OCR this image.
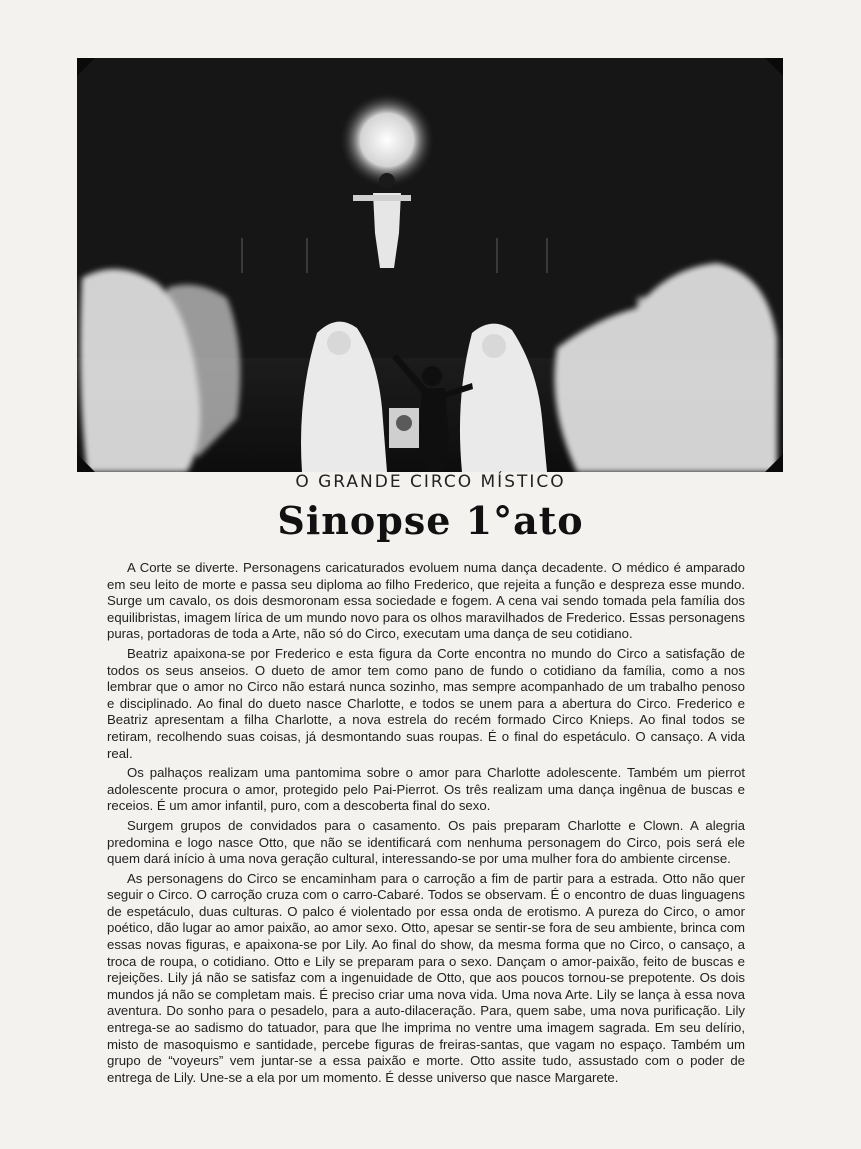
O GRANDE CIRCO MÍSTICO
Sinopse 1°ato

A Corte se diverte. Personagens caricaturados evoluem numa dança decadente. O médico é amparado em seu leito de morte e passa seu diploma ao filho Frederico, que rejeita a função e despreza esse mundo. Surge um cavalo, os dois desmoronam essa sociedade e fogem. A cena vai sendo tomada pela família dos equilibristas, imagem lírica de um mundo novo para os olhos maravilhados de Frederico. Essas personagens puras, portadoras de toda a Arte, não só do Circo, executam uma dança de seu cotidiano.

Beatriz apaixona-se por Frederico e esta figura da Corte encontra no mundo do Circo a satisfação de todos os seus anseios. O dueto de amor tem como pano de fundo o cotidiano da família, como a nos lembrar que o amor no Circo não estará nunca sozinho, mas sempre acompanhado de um trabalho penoso e disciplinado. Ao final do dueto nasce Charlotte, e todos se unem para a abertura do Circo. Frederico e Beatriz apresentam a filha Charlotte, a nova estrela do recém formado Circo Knieps. Ao final todos se retiram, recolhendo suas coisas, já desmontando suas roupas. É o final do espetáculo. O cansaço. A vida real.

Os palhaços realizam uma pantomima sobre o amor para Charlotte adolescente. Também um pierrot adolescente procura o amor, protegido pelo Pai-Pierrot. Os três realizam uma dança ingênua de buscas e receios. É um amor infantil, puro, com a descoberta final do sexo.

Surgem grupos de convidados para o casamento. Os pais preparam Charlotte e Clown. A alegria predomina e logo nasce Otto, que não se identificará com nenhuma personagem do Circo, pois será ele quem dará início à uma nova geração cultural, interessando-se por uma mulher fora do ambiente circense.

As personagens do Circo se encaminham para o carroção a fim de partir para a estrada. Otto não quer seguir o Circo. O carroção cruza com o carro-Cabaré. Todos se observam. É o encontro de duas linguagens de espetáculo, duas culturas. O palco é violentado por essa onda de erotismo. A pureza do Circo, o amor poético, dão lugar ao amor paixão, ao amor sexo. Otto, apesar se sentir-se fora de seu ambiente, brinca com essas novas figuras, e apaixona-se por Lily. Ao final do show, da mesma forma que no Circo, o cansaço, a troca de roupa, o cotidiano. Otto e Lily se preparam para o sexo. Dançam o amor-paixão, feito de buscas e rejeições. Lily já não se satisfaz com a ingenuidade de Otto, que aos poucos tornou-se prepotente. Os dois mundos já não se completam mais. É preciso criar uma nova vida. Uma nova Arte. Lily se lança à essa nova aventura. Do sonho para o pesadelo, para a auto-dilaceração. Para, quem sabe, uma nova purificação. Lily entrega-se ao sadismo do tatuador, para que lhe imprima no ventre uma imagem sagrada. Em seu delírio, misto de masoquismo e santidade, percebe figuras de freiras-santas, que vagam no espaço. Também um grupo de “voyeurs” vem juntar-se a essa paixão e morte. Otto assite tudo, assustado com o poder de entrega de Lily. Une-se a ela por um momento. É desse universo que nasce Margarete.
